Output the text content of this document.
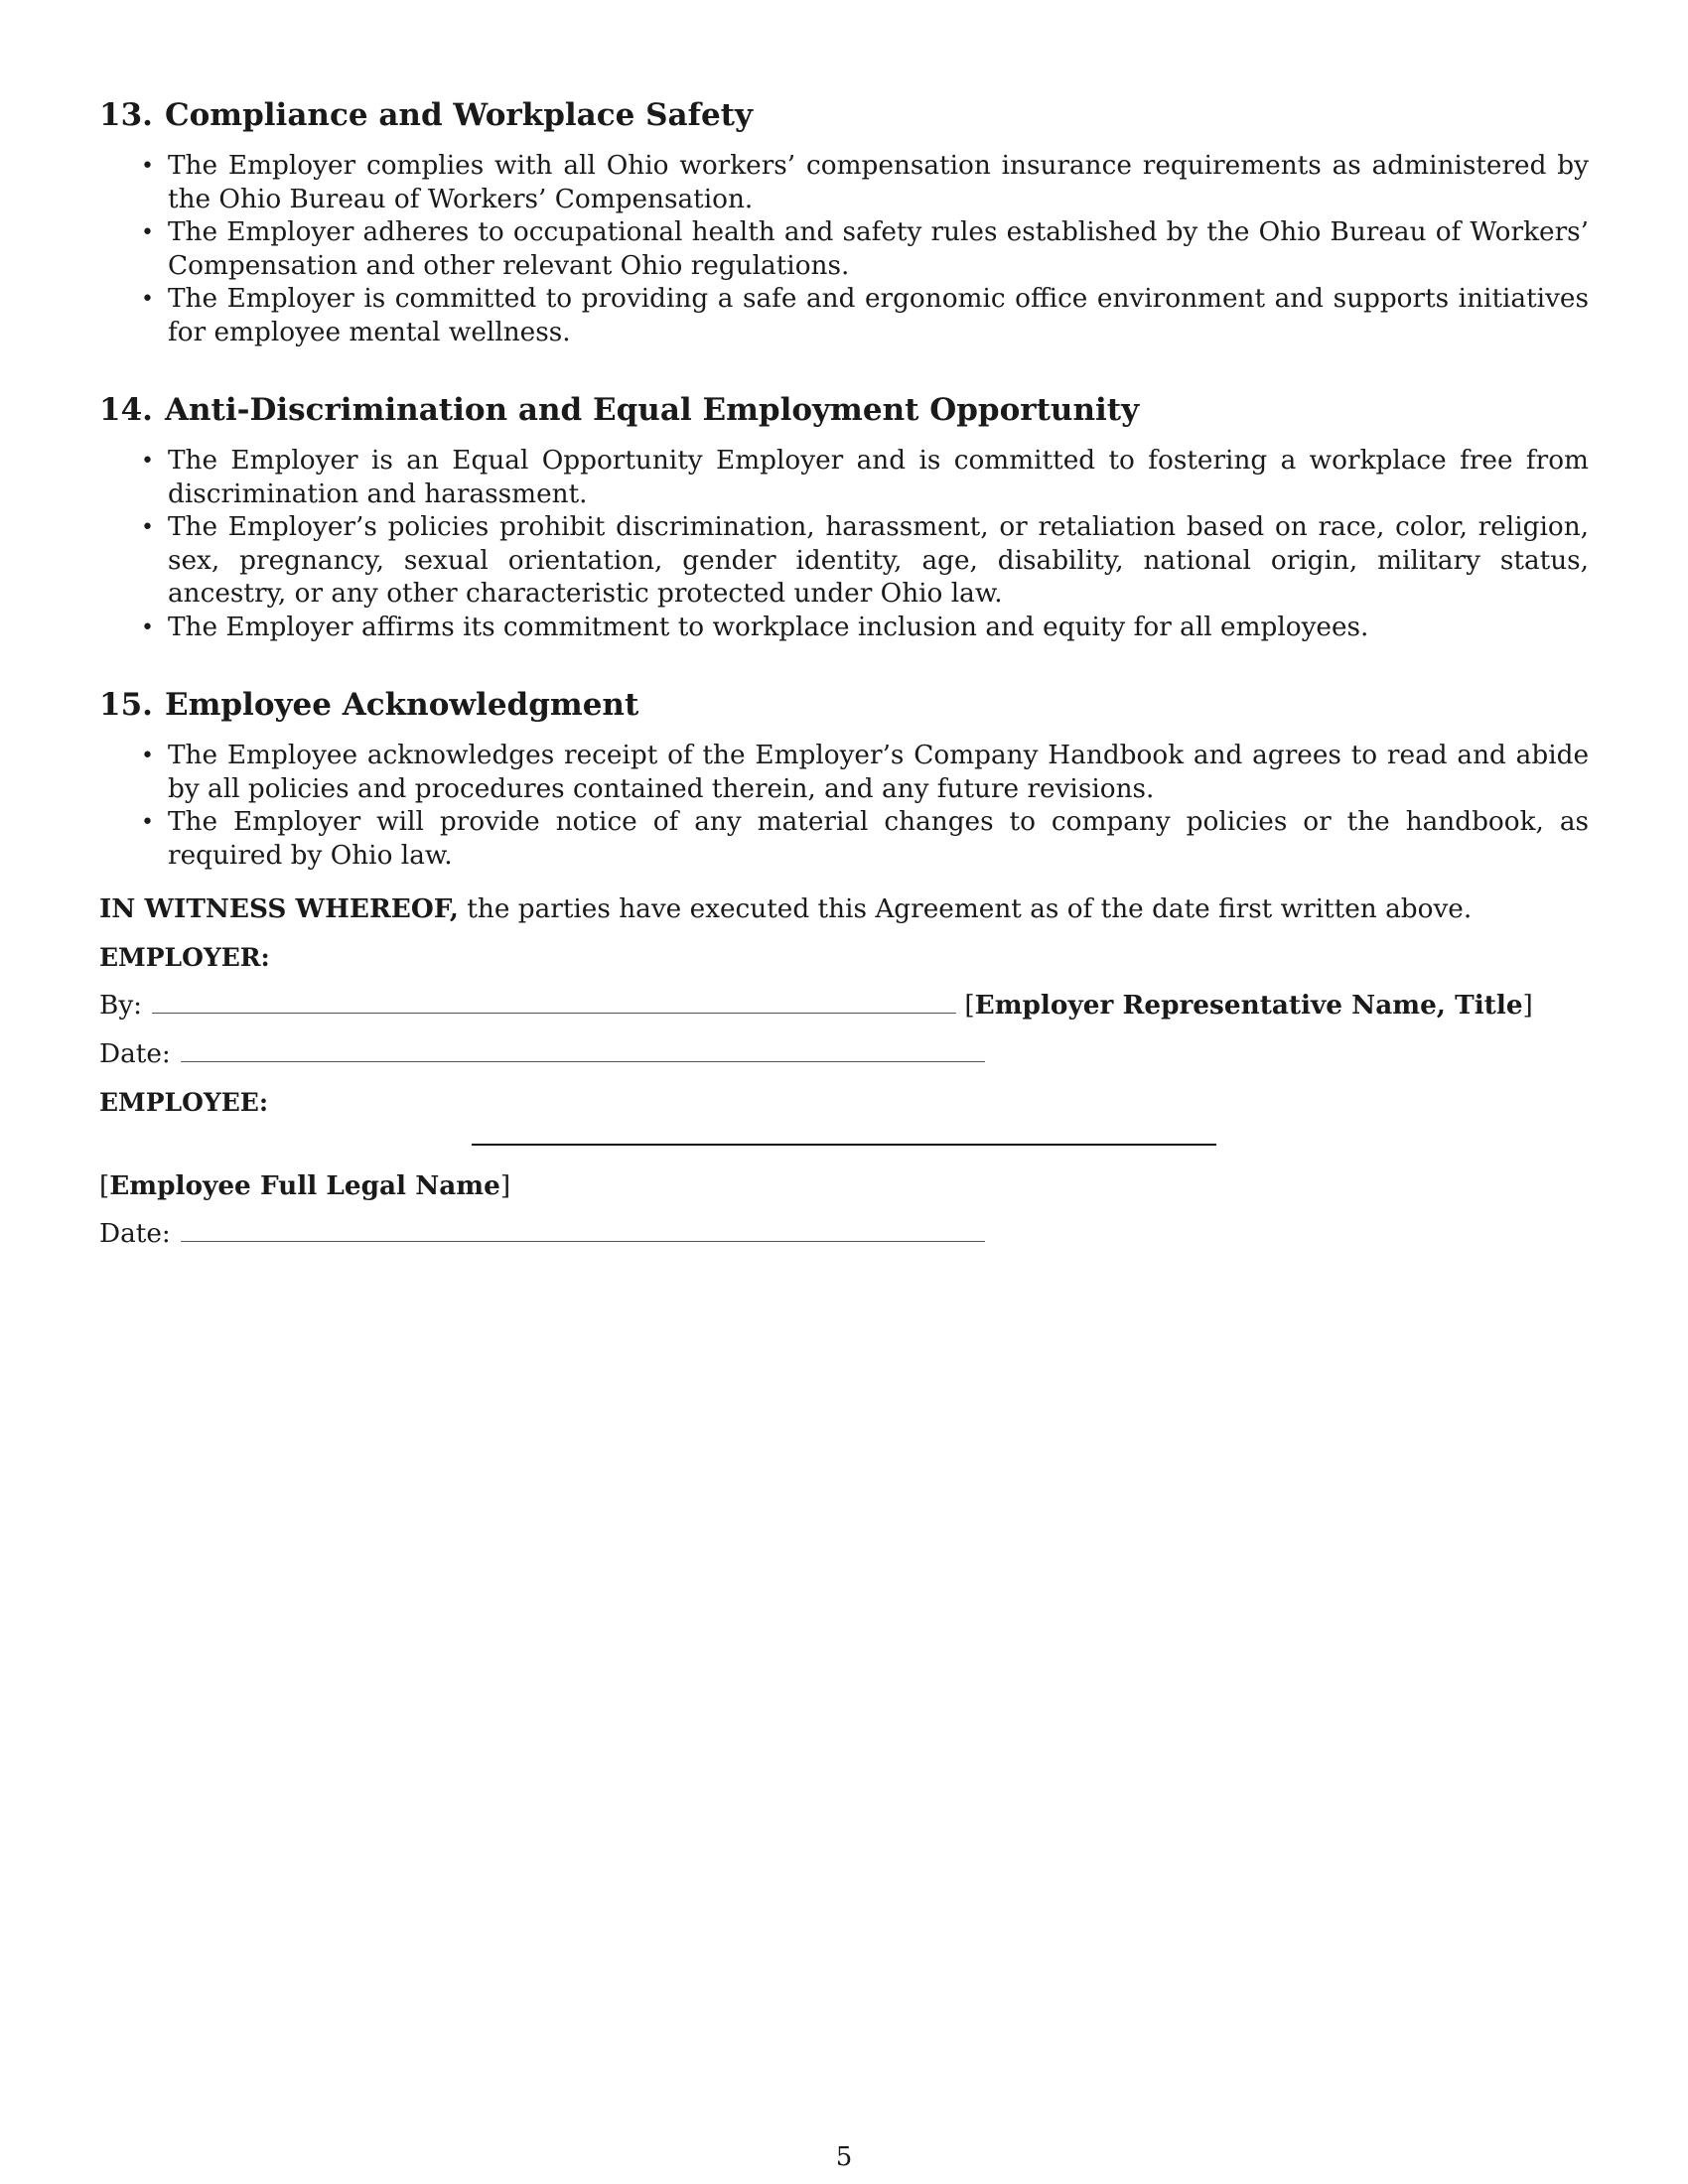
13. Compliance and Workplace Safety
• The Employer complies with all Ohio workers’ compensation insurance requirements as administered by the Ohio Bureau of Workers’ Compensation.
• The Employer adheres to occupational health and safety rules established by the Ohio Bureau of Workers’ Compensation and other relevant Ohio regulations.
• The Employer is committed to providing a safe and ergonomic office environment and supports initiatives for employee mental wellness.
14. Anti-Discrimination and Equal Employment Opportunity
• The Employer is an Equal Opportunity Employer and is committed to fostering a workplace free from discrimination and harassment.
• The Employer’s policies prohibit discrimination, harassment, or retaliation based on race, color, religion, sex, pregnancy, sexual orientation, gender identity, age, disability, national origin, military status, ancestry, or any other characteristic protected under Ohio law.
• The Employer affirms its commitment to workplace inclusion and equity for all employees.
15. Employee Acknowledgment
• The Employee acknowledges receipt of the Employer’s Company Handbook and agrees to read and abide by all policies and procedures contained therein, and any future revisions.
• The Employer will provide notice of any material changes to company policies or the handbook, as required by Ohio law.

IN WITNESS WHEREOF, the parties have executed this Agreement as of the date first written above.

EMPLOYER:
By:	[Employer Representative Name, Title]
Date:
EMPLOYEE:
[Employee Full Legal Name]
Date:
5
